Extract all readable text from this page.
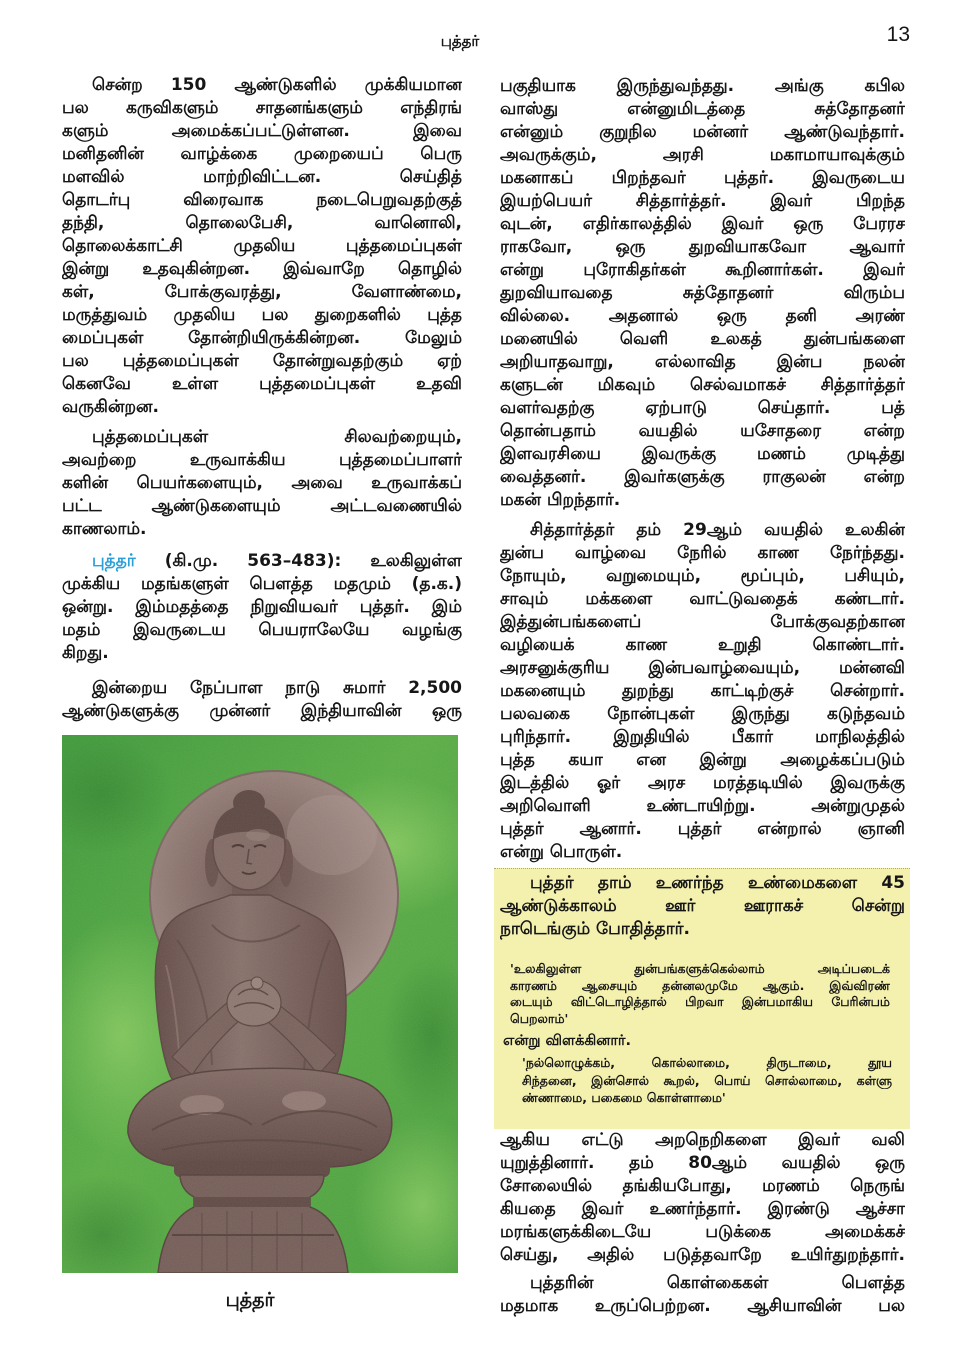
புத்தர்	13
சென்ற 150 ஆண்டுகளில் முக்கியமான
பல கருவிகளும் சாதனங்களும் எந்திரங்
களும் அமைக்கப்பட்டுள்ளன. இவை
மனிதனின் வாழ்க்கை முறையைப் பெரு
மளவில் மாற்றிவிட்டன. செய்தித்
தொடர்பு விரைவாக நடைபெறுவதற்குத்
தந்தி, தொலைபேசி, வானொலி,
தொலைக்காட்சி முதலிய புத்தமைப்புகள்
இன்று உதவுகின்றன. இவ்வாறே தொழில்
கள், போக்குவரத்து, வேளாண்மை,
மருத்துவம் முதலிய பல துறைகளில் புத்த
மைப்புகள் தோன்றியிருக்கின்றன. மேலும்
பல புத்தமைப்புகள் தோன்றுவதற்கும் ஏற்
கெனவே உள்ள புத்தமைப்புகள் உதவி
வருகின்றன.
புத்தமைப்புகள் சிலவற்றையும்,
அவற்றை உருவாக்கிய புத்தமைப்பாளர்
களின் பெயர்களையும், அவை உருவாக்கப்
பட்ட ஆண்டுகளையும் அட்டவணையில்
காணலாம்.
புத்தர் (கி.மு. 563–483): உலகிலுள்ள
முக்கிய மதங்களுள் பௌத்த மதமும் (த.க.)
ஒன்று. இம்மதத்தை நிறுவியவர் புத்தர். இம்
மதம் இவருடைய பெயராலேயே வழங்கு
கிறது.
இன்றைய நேப்பாள நாடு சுமார் 2,500
ஆண்டுகளுக்கு முன்னர் இந்தியாவின் ஒரு
புத்தர்
பகுதியாக இருந்துவந்தது. அங்கு கபில
வாஸ்து என்னுமிடத்தை சுத்தோதனர்
என்னும் குறுநில மன்னர் ஆண்டுவந்தார்.
அவருக்கும், அரசி மகாமாயாவுக்கும்
மகனாகப் பிறந்தவர் புத்தர். இவருடைய
இயற்பெயர் சித்தார்த்தர். இவர் பிறந்த
வுடன், எதிர்காலத்தில் இவர் ஒரு பேரரச
ராகவோ, ஒரு துறவியாகவோ ஆவார்
என்று புரோகிதர்கள் கூறினார்கள். இவர்
துறவியாவதை சுத்தோதனர் விரும்ப
வில்லை. அதனால் ஒரு தனி அரண்
மனையில் வெளி உலகத் துன்பங்களை
அறியாதவாறு, எல்லாவித இன்ப நலன்
களுடன் மிகவும் செல்வமாகச் சித்தார்த்தர்
வளர்வதற்கு ஏற்பாடு செய்தார். பத்
தொன்பதாம் வயதில் யசோதரை என்ற
இளவரசியை இவருக்கு மணம் முடித்து
வைத்தனர். இவர்களுக்கு ராகுலன் என்ற
மகன் பிறந்தார்.
சித்தார்த்தர் தம் 29ஆம் வயதில் உலகின்
துன்ப வாழ்வை நேரில் காண நேர்ந்தது.
நோயும், வறுமையும், மூப்பும், பசியும்,
சாவும் மக்களை வாட்டுவதைக் கண்டார்.
இத்துன்பங்களைப் போக்குவதற்கான
வழியைக் காண உறுதி கொண்டார்.
அரசனுக்குரிய இன்பவாழ்வையும், மன்னவி
மகனையும் துறந்து காட்டிற்குச் சென்றார்.
பலவகை நோன்புகள் இருந்து கடுந்தவம்
புரிந்தார். இறுதியில் பீகார் மாநிலத்தில்
புத்த கயா என இன்று அழைக்கப்படும்
இடத்தில் ஓர் அரச மரத்தடியில் இவருக்கு
அறிவொளி உண்டாயிற்று. அன்றுமுதல்
புத்தர் ஆனார். புத்தர் என்றால் ஞானி
என்று பொருள்.
புத்தர் தாம் உணர்ந்த உண்மைகளை 45
ஆண்டுக்காலம் ஊர் ஊராகச் சென்று
நாடெங்கும் போதித்தார்.
'உலகிலுள்ள துன்பங்களுக்கெல்லாம் அடிப்படைக்
காரணம் ஆசையும் தன்னலமுமே ஆகும். இவ்விரண்
டையும் விட்டொழித்தால் பிறவா இன்பமாகிய பேரின்பம்
பெறலாம்'
என்று விளக்கினார்.
'நல்லொழுக்கம், கொல்லாமை, திருடாமை, தூய
சிந்தனை, இன்சொல் கூறல், பொய் சொல்லாமை, கள்ளு
ண்ணாமை, பகைமை கொள்ளாமை'
ஆகிய எட்டு அறநெறிகளை இவர் வலி
யுறுத்தினார். தம் 80ஆம் வயதில் ஒரு
சோலையில் தங்கியபோது, மரணம் நெருங்
கியதை இவர் உணர்ந்தார். இரண்டு ஆச்சா
மரங்களுக்கிடையே படுக்கை அமைக்கச்
செய்து, அதில் படுத்தவாறே உயிர்துறந்தார்.
புத்தரின் கொள்கைகள் பௌத்த
மதமாக உருப்பெற்றன. ஆசியாவின் பல
